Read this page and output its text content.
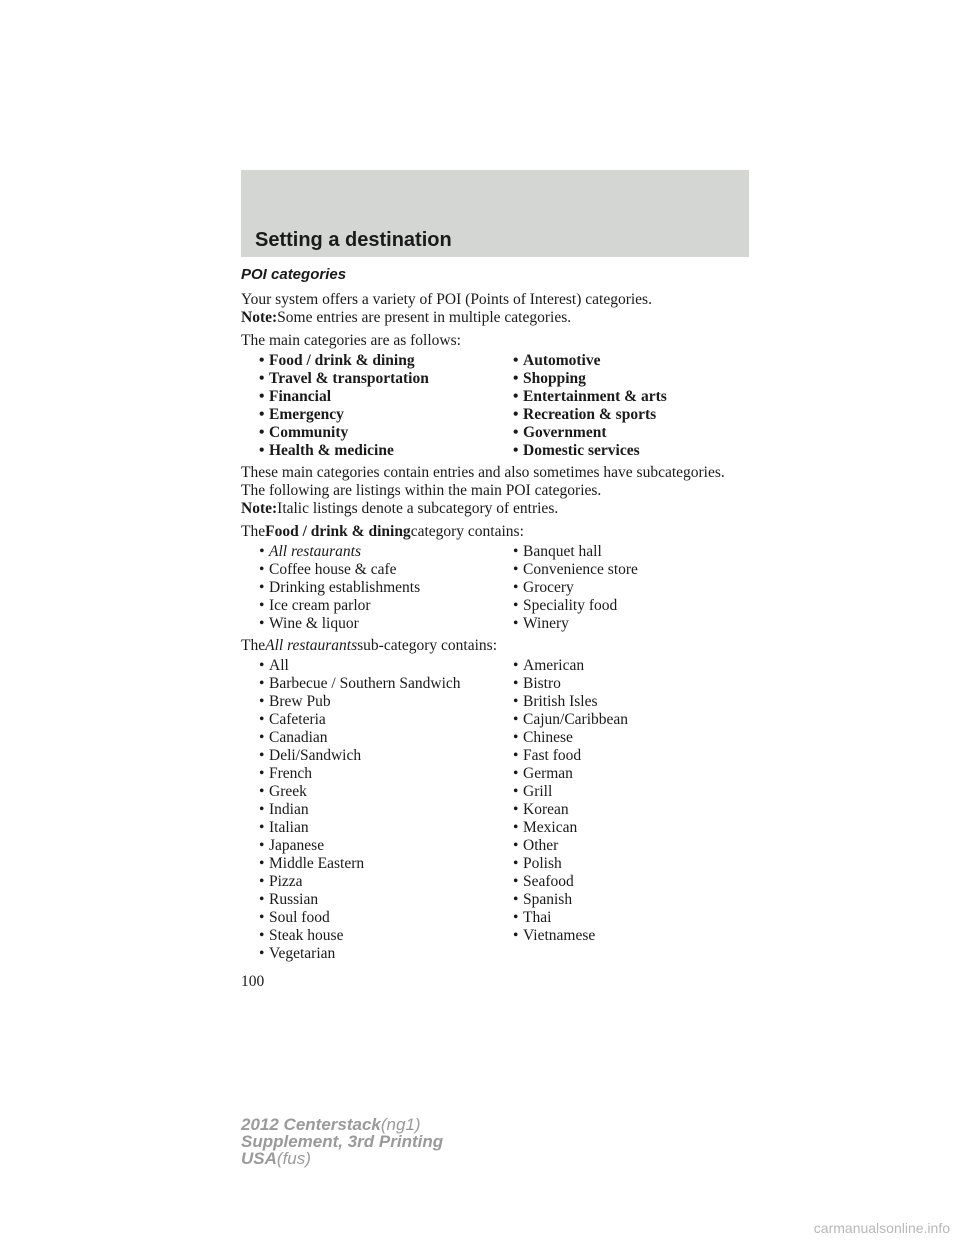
Setting a destination
POI categories
Your system offers a variety of POI (Points of Interest) categories.
Note:Some entries are present in multiple categories.
The main categories are as follows:
• Food / drink & dining	• Automotive
• Travel & transportation	• Shopping
• Financial	• Entertainment & arts
• Emergency	• Recreation & sports
• Community	• Government
• Health & medicine	• Domestic services
These main categories contain entries and also sometimes have subcategories. The following are listings within the main POI categories.
Note:Italic listings denote a subcategory of entries.
TheFood / drink & diningcategory contains:
• All restaurants	• Banquet hall
• Coffee house & cafe	• Convenience store
• Drinking establishments	• Grocery
• Ice cream parlor	• Speciality food
• Wine & liquor	• Winery
TheAll restaurantssub-category contains:
• All	• American
• Barbecue / Southern Sandwich	• Bistro
• Brew Pub	• British Isles
• Cafeteria	• Cajun/Caribbean
• Canadian	• Chinese
• Deli/Sandwich	• Fast food
• French	• German
• Greek	• Grill
• Indian	• Korean
• Italian	• Mexican
• Japanese	• Other
• Middle Eastern	• Polish
• Pizza	• Seafood
• Russian	• Spanish
• Soul food	• Thai
• Steak house	• Vietnamese
• Vegetarian
100
2012 Centerstack(ng1)
Supplement, 3rd Printing
USA(fus)
carmanualsonline.info
